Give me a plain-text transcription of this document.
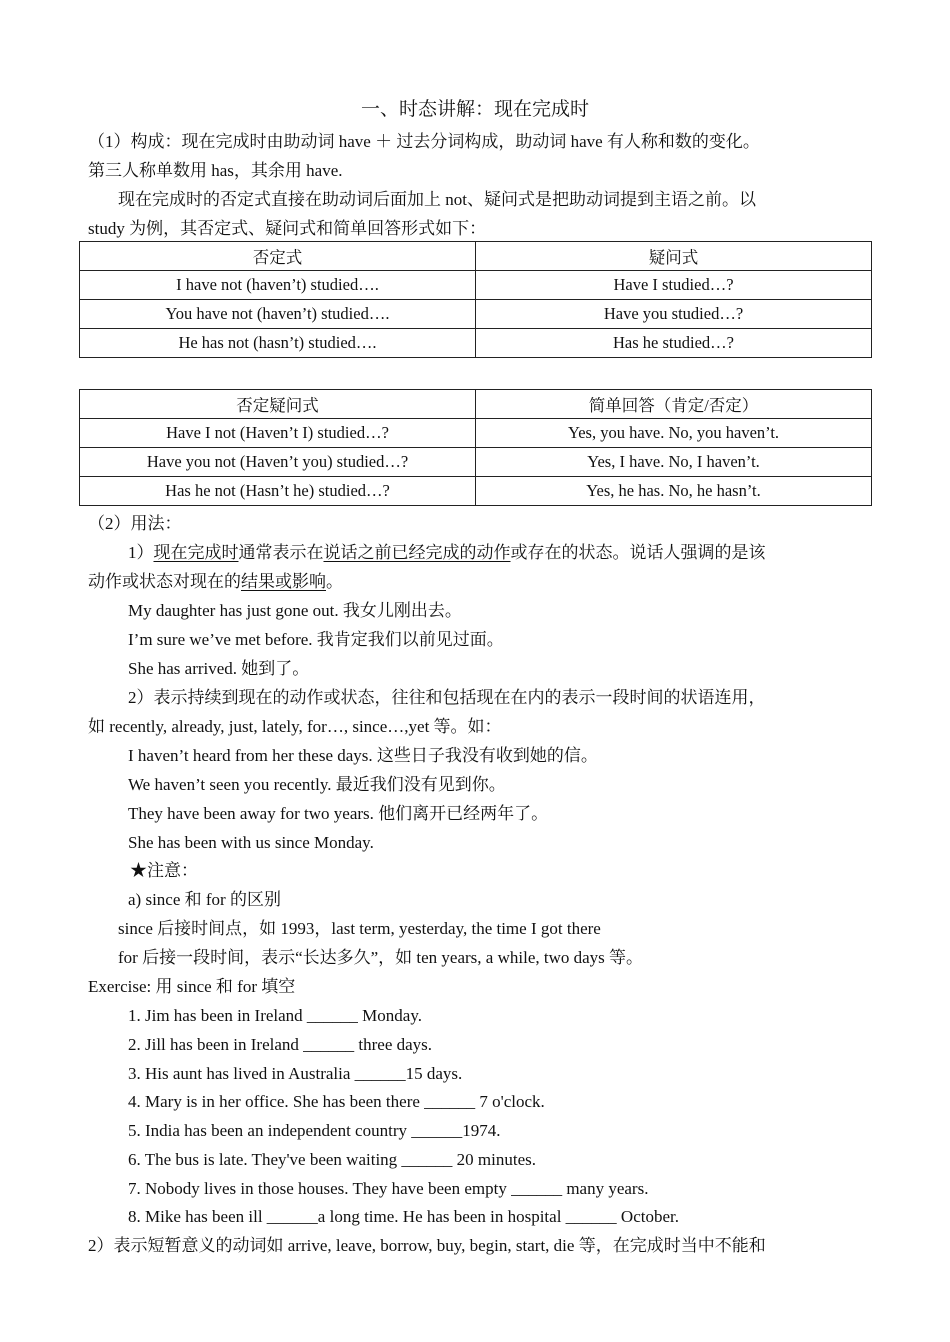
一、时态讲解：现在完成时
（1）构成：现在完成时由助动词 have ＋ 过去分词构成，助动词 have 有人称和数的变化。
第三人称单数用 has，其余用 have.
现在完成时的否定式直接在助动词后面加上 not、疑问式是把助动词提到主语之前。以
study 为例，其否定式、疑问式和简单回答形式如下：
否定式	疑问式
I have not (haven’t) studied….	Have I studied…?
You have not (haven’t) studied….	Have you studied…?
He has not (hasn’t) studied….	Has he studied…?
否定疑问式	简单回答（肯定/否定）
Have I not (Haven’t I) studied…?	Yes, you have. No, you haven’t.
Have you not (Haven’t you) studied…?	Yes, I have. No, I haven’t.
Has he not (Hasn’t he) studied…?	Yes, he has. No, he hasn’t.
（2）用法：
1）现在完成时通常表示在说话之前已经完成的动作或存在的状态。说话人强调的是该
动作或状态对现在的结果或影响。
My daughter has just gone out. 我女儿刚出去。
I’m sure we’ve met before. 我肯定我们以前见过面。
She has arrived. 她到了。
2）表示持续到现在的动作或状态，往往和包括现在在内的表示一段时间的状语连用，
如 recently, already, just, lately, for…, since…,yet 等。如：
I haven’t heard from her these days. 这些日子我没有收到她的信。
We haven’t seen you recently. 最近我们没有见到你。
They have been away for two years. 他们离开已经两年了。
She has been with us since Monday.
★注意：
a) since 和 for 的区别
since 后接时间点，如 1993，last term, yesterday, the time I got there
for 后接一段时间，表示“长达多久”，如 ten years, a while, two days 等。
Exercise: 用 since 和 for 填空
1. Jim has been in Ireland ______ Monday.
2. Jill has been in Ireland ______ three days.
3. His aunt has lived in Australia ______15 days.
4. Mary is in her office. She has been there ______ 7 o'clock.
5. India has been an independent country ______1974.
6. The bus is late. They've been waiting ______ 20 minutes.
7. Nobody lives in those houses. They have been empty ______ many years.
8. Mike has been ill ______a long time. He has been in hospital ______ October.
2）表示短暂意义的动词如 arrive, leave, borrow, buy, begin, start, die 等，在完成时当中不能和
